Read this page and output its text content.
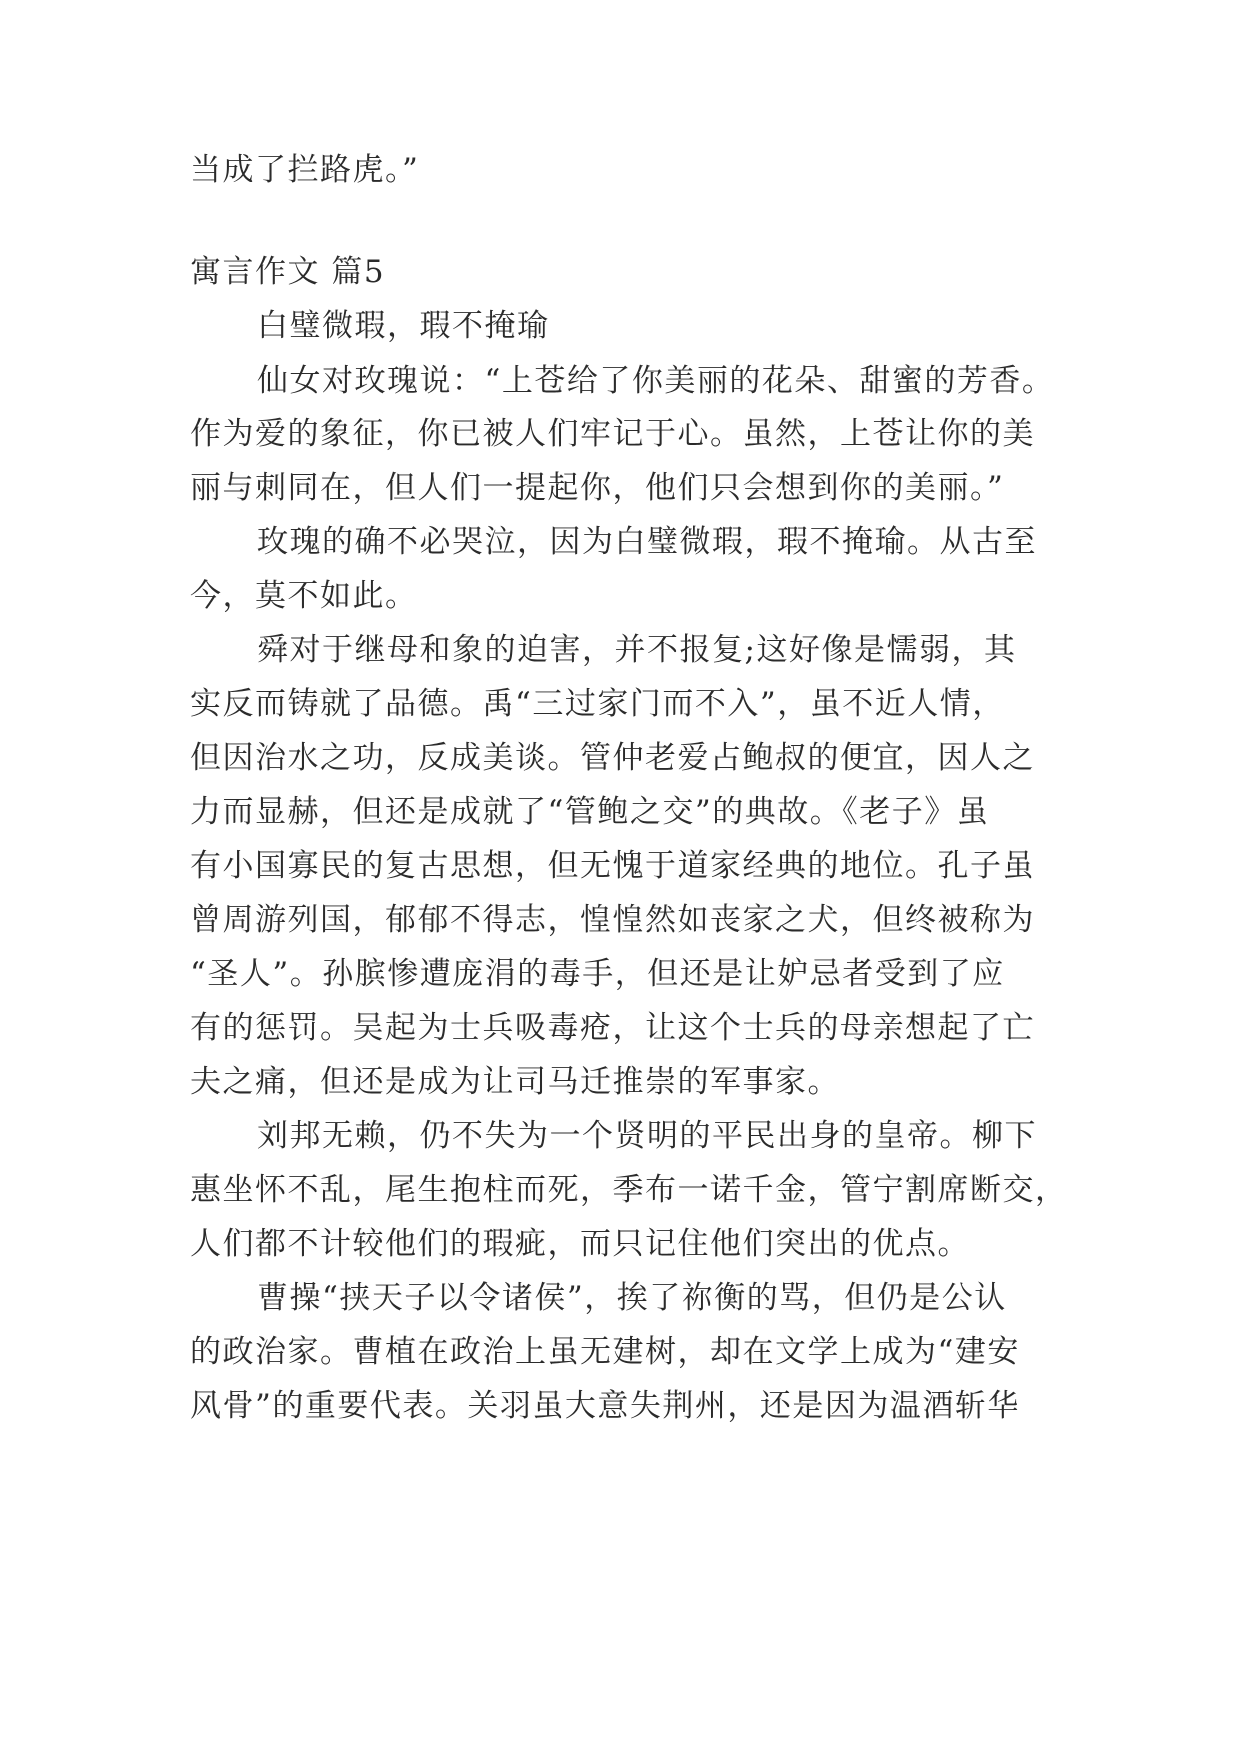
当成了拦路虎。”
寓言作文 篇5
白璧微瑕，瑕不掩瑜
仙女对玫瑰说：“上苍给了你美丽的花朵、甜蜜的芳香。
作为爱的象征，你已被人们牢记于心。虽然，上苍让你的美
丽与刺同在，但人们一提起你，他们只会想到你的美丽。”
玫瑰的确不必哭泣，因为白璧微瑕，瑕不掩瑜。从古至
今，莫不如此。
舜对于继母和象的迫害，并不报复;这好像是懦弱，其
实反而铸就了品德。禹“三过家门而不入”，虽不近人情，
但因治水之功，反成美谈。管仲老爱占鲍叔的便宜，因人之
力而显赫，但还是成就了“管鲍之交”的典故。《老子》虽
有小国寡民的复古思想，但无愧于道家经典的地位。孔子虽
曾周游列国，郁郁不得志，惶惶然如丧家之犬，但终被称为
“圣人”。孙膑惨遭庞涓的毒手，但还是让妒忌者受到了应
有的惩罚。吴起为士兵吸毒疮，让这个士兵的母亲想起了亡
夫之痛，但还是成为让司马迁推崇的军事家。
刘邦无赖，仍不失为一个贤明的平民出身的皇帝。柳下
惠坐怀不乱，尾生抱柱而死，季布一诺千金，管宁割席断交，
人们都不计较他们的瑕疵，而只记住他们突出的优点。
曹操“挟天子以令诸侯”，挨了祢衡的骂，但仍是公认
的政治家。曹植在政治上虽无建树，却在文学上成为“建安
风骨”的重要代表。关羽虽大意失荆州，还是因为温酒斩华
